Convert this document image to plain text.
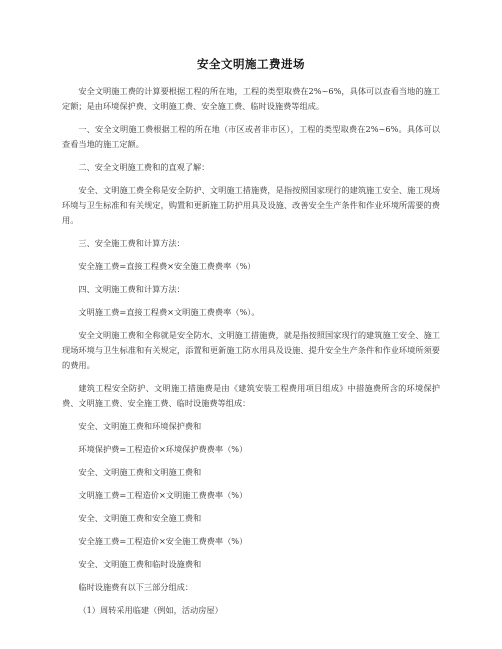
安全文明施工费进场

安全文明施工费的计算要根据工程的所在地，工程的类型取费在2%~6%，具体可以查看当地的施工定额；是由环境保护费、文明施工费、安全施工费、临时设施费等组成。

一、安全文明施工费根据工程的所在地（市区或者非市区），工程的类型取费在2%~6%。具体可以查看当地的施工定额。

二、安全文明施工费和的直观了解：

安全、文明施工费全称是安全防护、文明施工措施费，是指按照国家现行的建筑施工安全、施工现场环境与卫生标准和有关规定，购置和更新施工防护用具及设施、改善安全生产条件和作业环境所需要的费用。

三、安全施工费和计算方法：

安全施工费=直接工程费×安全施工费费率（%）

四、文明施工费和计算方法：

文明施工费=直接工程费×文明施工费费率（%）。

安全文明施工费和全称就是安全防水、文明施工措施费，就是指按照国家现行的建筑施工安全、施工现场环境与卫生标准和有关规定，添置和更新施工防水用具及设施、提升安全生产条件和作业环境所须要的费用。

建筑工程安全防护、文明施工措施费是由《建筑安装工程费用项目组成》中措施费所含的环境保护费、文明施工费、安全施工费、临时设施费等组成：

安全、文明施工费和环境保护费和

环境保护费=工程造价×环境保护费费率（%）

安全、文明施工费和文明施工费和

文明施工费=工程造价×文明施工费费率（%）

安全、文明施工费和安全施工费和

安全施工费=工程造价×安全施工费费率（%）

安全、文明施工费和临时设施费和

临时设施费有以下三部分组成：

（1）周转采用临建（例如，活动房屋）
